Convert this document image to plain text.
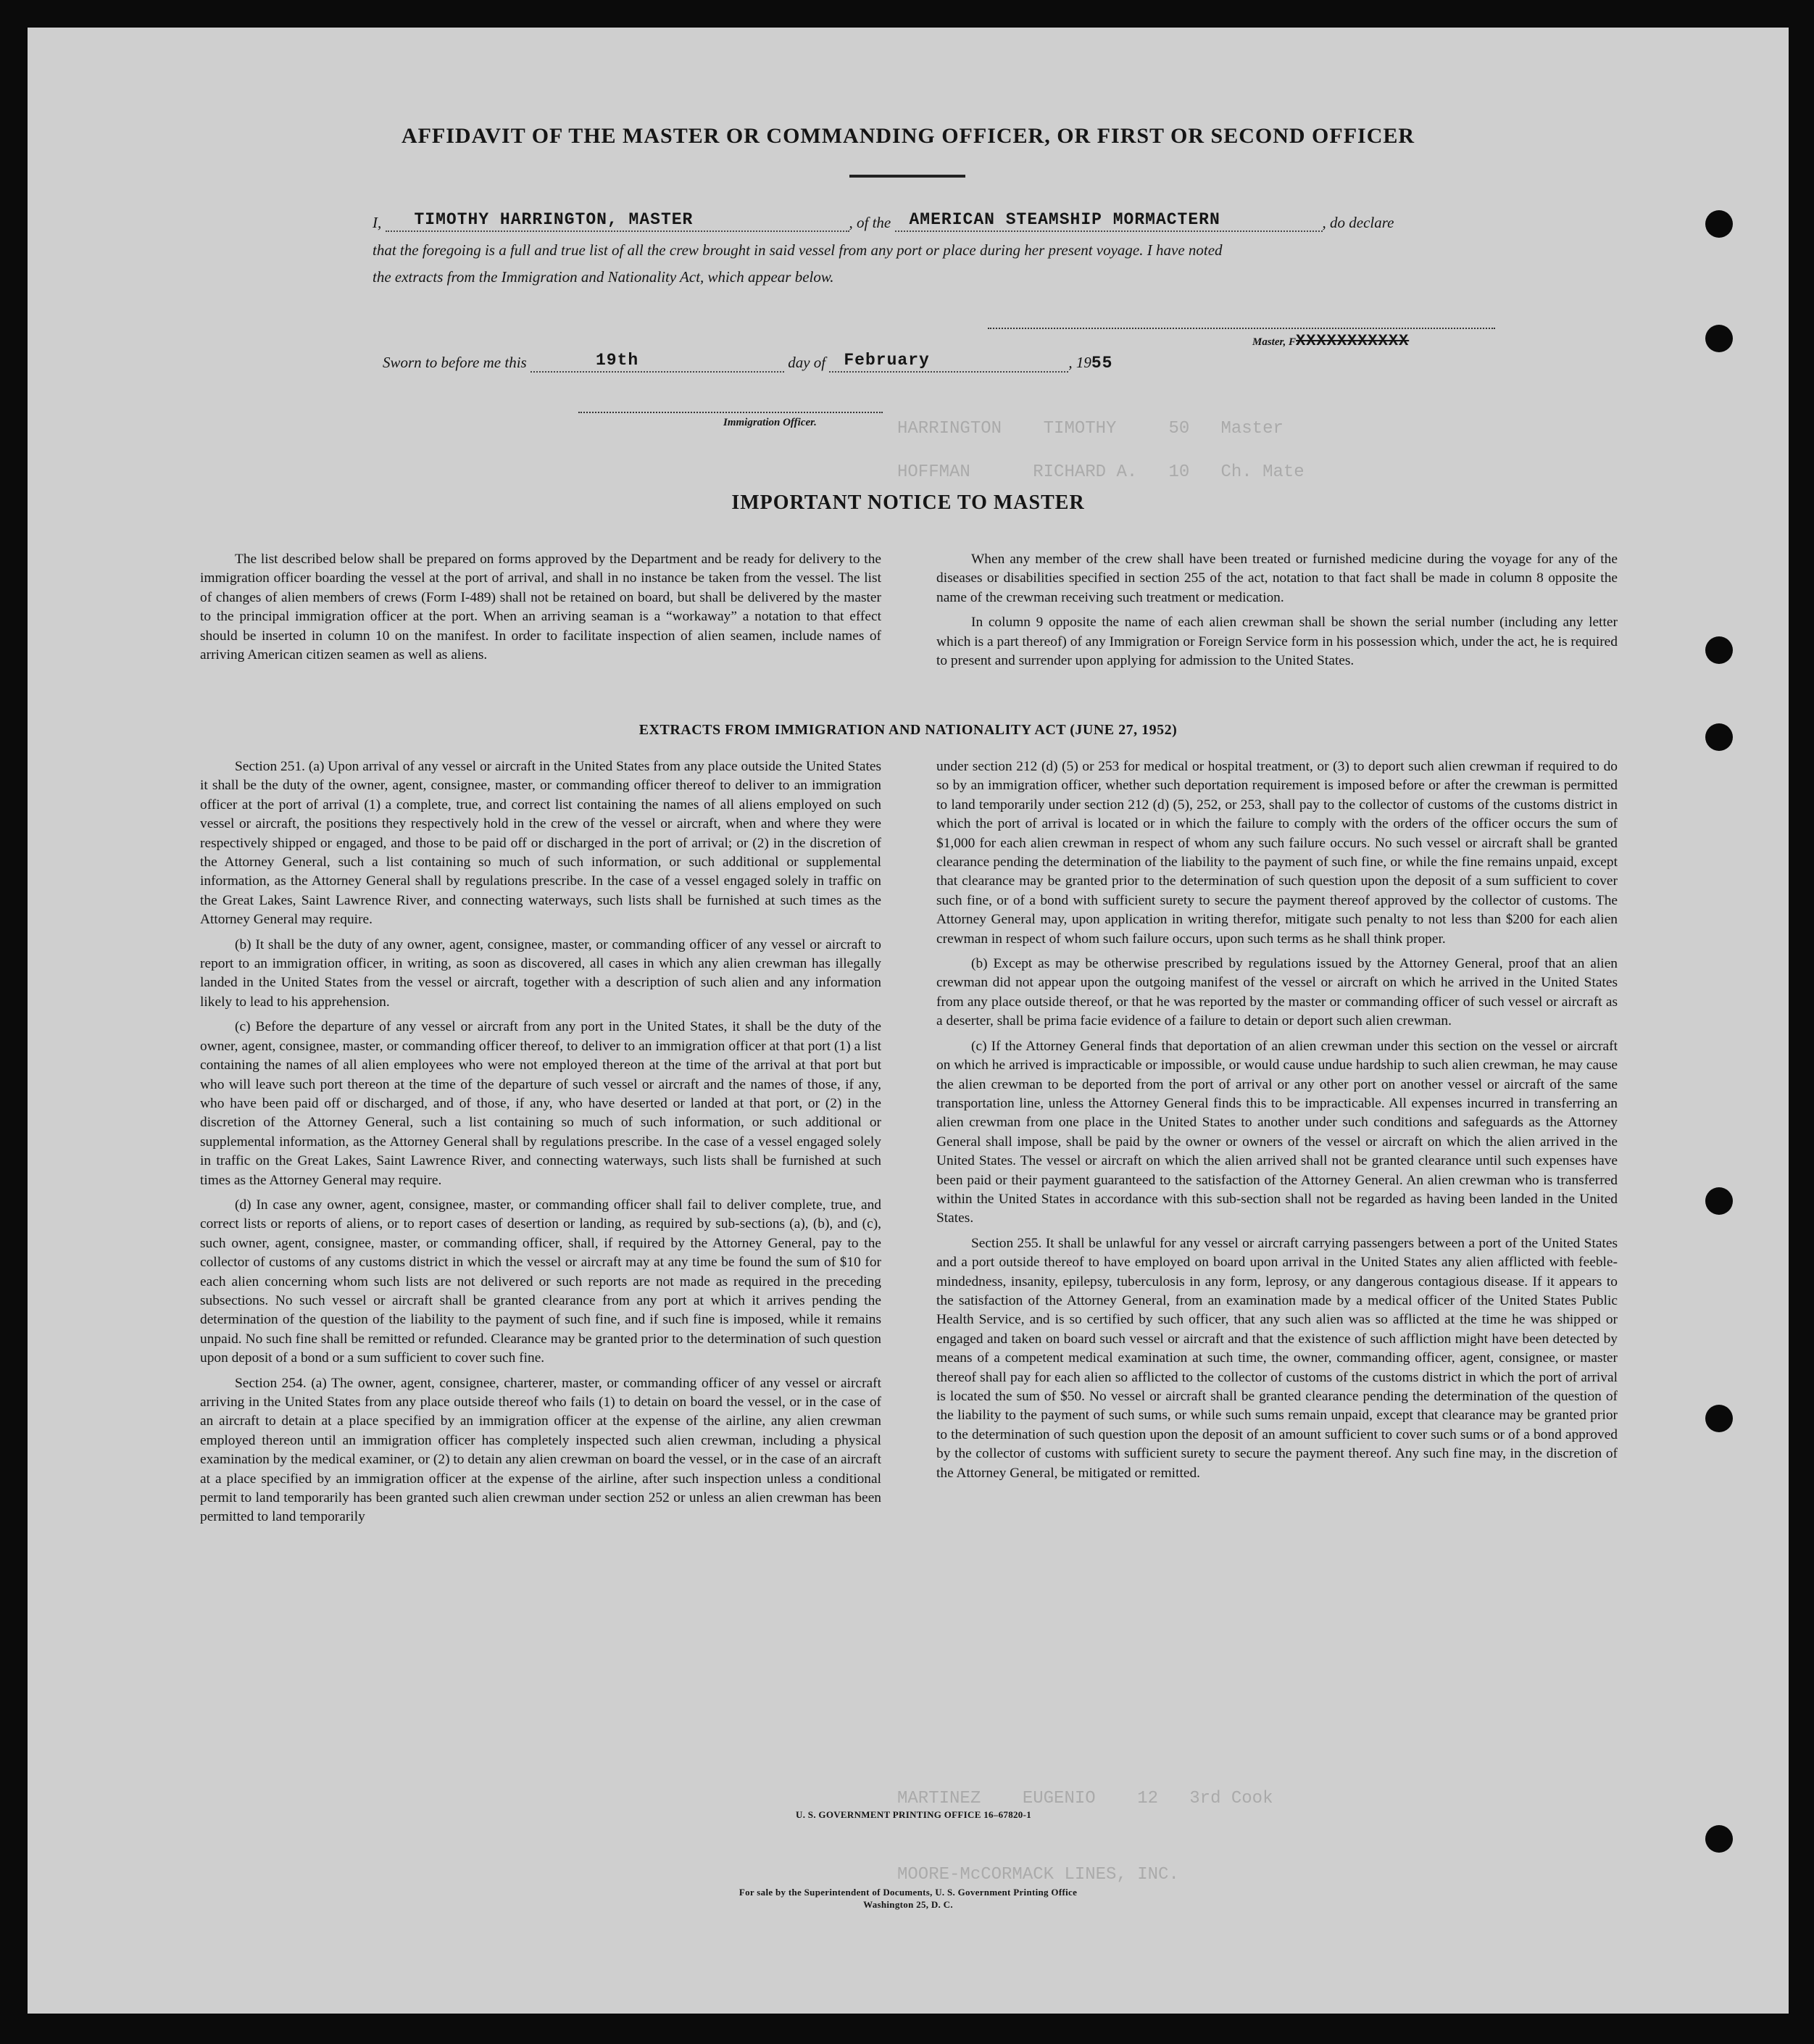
HARRINGTON    TIMOTHY     50   Master
HOFFMAN      RICHARD A.   10   Ch. Mate
MARTINEZ    EUGENIO    12   3rd Cook
MOORE-McCORMACK LINES, INC.
AFFIDAVIT OF THE MASTER OR COMMANDING OFFICER, OR FIRST OR SECOND OFFICER
I, TIMOTHY HARRINGTON, MASTER	, of the AMERICAN STEAMSHIP MORMACTERN	, do declare
that the foregoing is a full and true list of all the crew brought in said vessel from any port or place during her present voyage. I have noted
the extracts from the Immigration and Nationality Act, which appear below.
Master, FXXXXXXXXXXX
Sworn to before me this	19th	day of February	, 1955
Immigration Officer.
IMPORTANT NOTICE TO MASTER

The list described below shall be prepared on forms approved by the Department and be ready for delivery to the immigration officer boarding the vessel at the port of arrival, and shall in no instance be taken from the vessel. The list of changes of alien members of crews (Form I-489) shall not be retained on board, but shall be delivered by the master to the principal immigration officer at the port. When an arriving seaman is a “workaway” a notation to that effect should be inserted in column 10 on the manifest. In order to facilitate inspection of alien seamen, include names of arriving American citizen seamen as well as aliens.

When any member of the crew shall have been treated or furnished medicine during the voyage for any of the diseases or disabilities specified in section 255 of the act, notation to that fact shall be made in column 8 opposite the name of the crewman receiving such treatment or medication.

In column 9 opposite the name of each alien crewman shall be shown the serial number (including any letter which is a part thereof) of any Immigration or Foreign Service form in his possession which, under the act, he is required to present and surrender upon applying for admission to the United States.

EXTRACTS FROM IMMIGRATION AND NATIONALITY ACT (JUNE 27, 1952)

Section 251. (a) Upon arrival of any vessel or aircraft in the United States from any place outside the United States it shall be the duty of the owner, agent, consignee, master, or commanding officer thereof to deliver to an immigration officer at the port of arrival (1) a complete, true, and correct list containing the names of all aliens employed on such vessel or aircraft, the positions they respectively hold in the crew of the vessel or aircraft, when and where they were respectively shipped or engaged, and those to be paid off or discharged in the port of arrival; or (2) in the discretion of the Attorney General, such a list containing so much of such information, or such additional or supplemental information, as the Attorney General shall by regulations prescribe. In the case of a vessel engaged solely in traffic on the Great Lakes, Saint Lawrence River, and connecting waterways, such lists shall be furnished at such times as the Attorney General may require.

(b) It shall be the duty of any owner, agent, consignee, master, or commanding officer of any vessel or aircraft to report to an immigration officer, in writing, as soon as discovered, all cases in which any alien crewman has illegally landed in the United States from the vessel or aircraft, together with a description of such alien and any information likely to lead to his apprehension.

(c) Before the departure of any vessel or aircraft from any port in the United States, it shall be the duty of the owner, agent, consignee, master, or commanding officer thereof, to deliver to an immigration officer at that port (1) a list containing the names of all alien employees who were not employed thereon at the time of the arrival at that port but who will leave such port thereon at the time of the departure of such vessel or aircraft and the names of those, if any, who have been paid off or discharged, and of those, if any, who have deserted or landed at that port, or (2) in the discretion of the Attorney General, such a list containing so much of such information, or such additional or supplemental information, as the Attorney General shall by regulations prescribe. In the case of a vessel engaged solely in traffic on the Great Lakes, Saint Lawrence River, and connecting waterways, such lists shall be furnished at such times as the Attorney General may require.

(d) In case any owner, agent, consignee, master, or commanding officer shall fail to deliver complete, true, and correct lists or reports of aliens, or to report cases of desertion or landing, as required by sub-sections (a), (b), and (c), such owner, agent, consignee, master, or commanding officer, shall, if required by the Attorney General, pay to the collector of customs of any customs district in which the vessel or aircraft may at any time be found the sum of $10 for each alien concerning whom such lists are not delivered or such reports are not made as required in the preceding subsections. No such vessel or aircraft shall be granted clearance from any port at which it arrives pending the determination of the question of the liability to the payment of such fine, and if such fine is imposed, while it remains unpaid. No such fine shall be remitted or refunded. Clearance may be granted prior to the determination of such question upon deposit of a bond or a sum sufficient to cover such fine.

Section 254. (a) The owner, agent, consignee, charterer, master, or commanding officer of any vessel or aircraft arriving in the United States from any place outside thereof who fails (1) to detain on board the vessel, or in the case of an aircraft to detain at a place specified by an immigration officer at the expense of the airline, any alien crewman employed thereon until an immigration officer has completely inspected such alien crewman, including a physical examination by the medical examiner, or (2) to detain any alien crewman on board the vessel, or in the case of an aircraft at a place specified by an immigration officer at the expense of the airline, after such inspection unless a conditional permit to land temporarily has been granted such alien crewman under section 252 or unless an alien crewman has been permitted to land temporarily

under section 212 (d) (5) or 253 for medical or hospital treatment, or (3) to deport such alien crewman if required to do so by an immigration officer, whether such deportation requirement is imposed before or after the crewman is permitted to land temporarily under section 212 (d) (5), 252, or 253, shall pay to the collector of customs of the customs district in which the port of arrival is located or in which the failure to comply with the orders of the officer occurs the sum of $1,000 for each alien crewman in respect of whom any such failure occurs. No such vessel or aircraft shall be granted clearance pending the determination of the liability to the payment of such fine, or while the fine remains unpaid, except that clearance may be granted prior to the determination of such question upon the deposit of a sum sufficient to cover such fine, or of a bond with sufficient surety to secure the payment thereof approved by the collector of customs. The Attorney General may, upon application in writing therefor, mitigate such penalty to not less than $200 for each alien crewman in respect of whom such failure occurs, upon such terms as he shall think proper.

(b) Except as may be otherwise prescribed by regulations issued by the Attorney General, proof that an alien crewman did not appear upon the outgoing manifest of the vessel or aircraft on which he arrived in the United States from any place outside thereof, or that he was reported by the master or commanding officer of such vessel or aircraft as a deserter, shall be prima facie evidence of a failure to detain or deport such alien crewman.

(c) If the Attorney General finds that deportation of an alien crewman under this section on the vessel or aircraft on which he arrived is impracticable or impossible, or would cause undue hardship to such alien crewman, he may cause the alien crewman to be deported from the port of arrival or any other port on another vessel or aircraft of the same transportation line, unless the Attorney General finds this to be impracticable. All expenses incurred in transferring an alien crewman from one place in the United States to another under such conditions and safeguards as the Attorney General shall impose, shall be paid by the owner or owners of the vessel or aircraft on which the alien arrived in the United States. The vessel or aircraft on which the alien arrived shall not be granted clearance until such expenses have been paid or their payment guaranteed to the satisfaction of the Attorney General. An alien crewman who is transferred within the United States in accordance with this sub-section shall not be regarded as having been landed in the United States.

Section 255. It shall be unlawful for any vessel or aircraft carrying passengers between a port of the United States and a port outside thereof to have employed on board upon arrival in the United States any alien afflicted with feeble-mindedness, insanity, epilepsy, tuberculosis in any form, leprosy, or any dangerous contagious disease. If it appears to the satisfaction of the Attorney General, from an examination made by a medical officer of the United States Public Health Service, and is so certified by such officer, that any such alien was so afflicted at the time he was shipped or engaged and taken on board such vessel or aircraft and that the existence of such affliction might have been detected by means of a competent medical examination at such time, the owner, commanding officer, agent, consignee, or master thereof shall pay for each alien so afflicted to the collector of customs of the customs district in which the port of arrival is located the sum of $50. No vessel or aircraft shall be granted clearance pending the determination of the question of the liability to the payment of such sums, or while such sums remain unpaid, except that clearance may be granted prior to the determination of such question upon the deposit of an amount sufficient to cover such sums or of a bond approved by the collector of customs with sufficient surety to secure the payment thereof. Any such fine may, in the discretion of the Attorney General, be mitigated or remitted.

U. S. GOVERNMENT PRINTING OFFICE 16–67820-1
For sale by the Superintendent of Documents, U. S. Government Printing Office
Washington 25, D. C.
